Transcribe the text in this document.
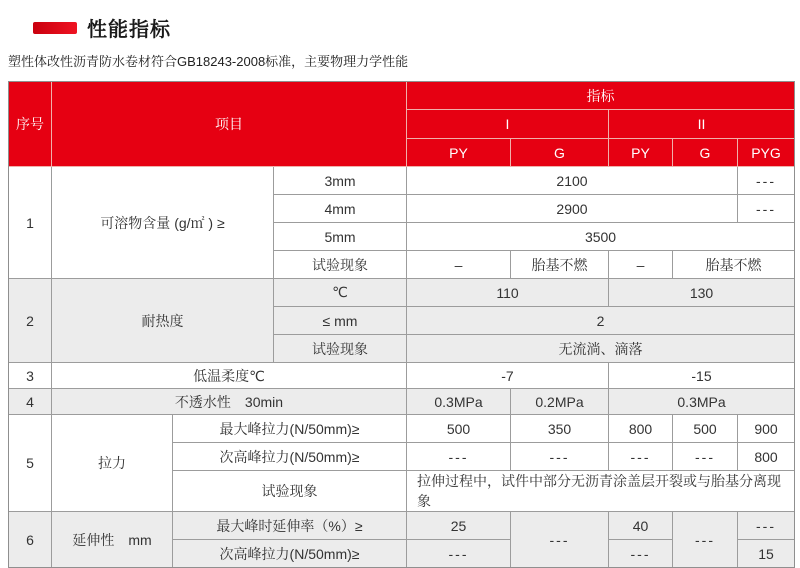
性能指标
塑性体改性沥青防水卷材符合GB18243-2008标准，主要物理力学性能
序号	项目			指标				
				I		II		
				PY	G	PY	G	PYG
1	可溶物含量 (g/㎡ ) ≥		3mm	2100				---
			4mm	2900				---
			5mm	3500				
			试验现象	–	胎基不燃	–	胎基不燃	
2	耐热度		℃	110		130		
			≤ mm	2				
			试验现象	无流淌、滴落				
3	低温柔度℃			-7		-15		
4	不透水性　30min			0.3MPa	0.2MPa	0.3MPa		
5	拉力	最大峰拉力(N/50mm)≥		500	350	800	500	900
		次高峰拉力(N/50mm)≥		---	---	---	---	800
		试验现象		拉伸过程中，试件中部分无沥青涂盖层开裂或与胎基分离现象				
6	延伸性　mm	最大峰时延伸率（%）≥		25	---	40	---	---
		次高峰拉力(N/50mm)≥		---		---		15
